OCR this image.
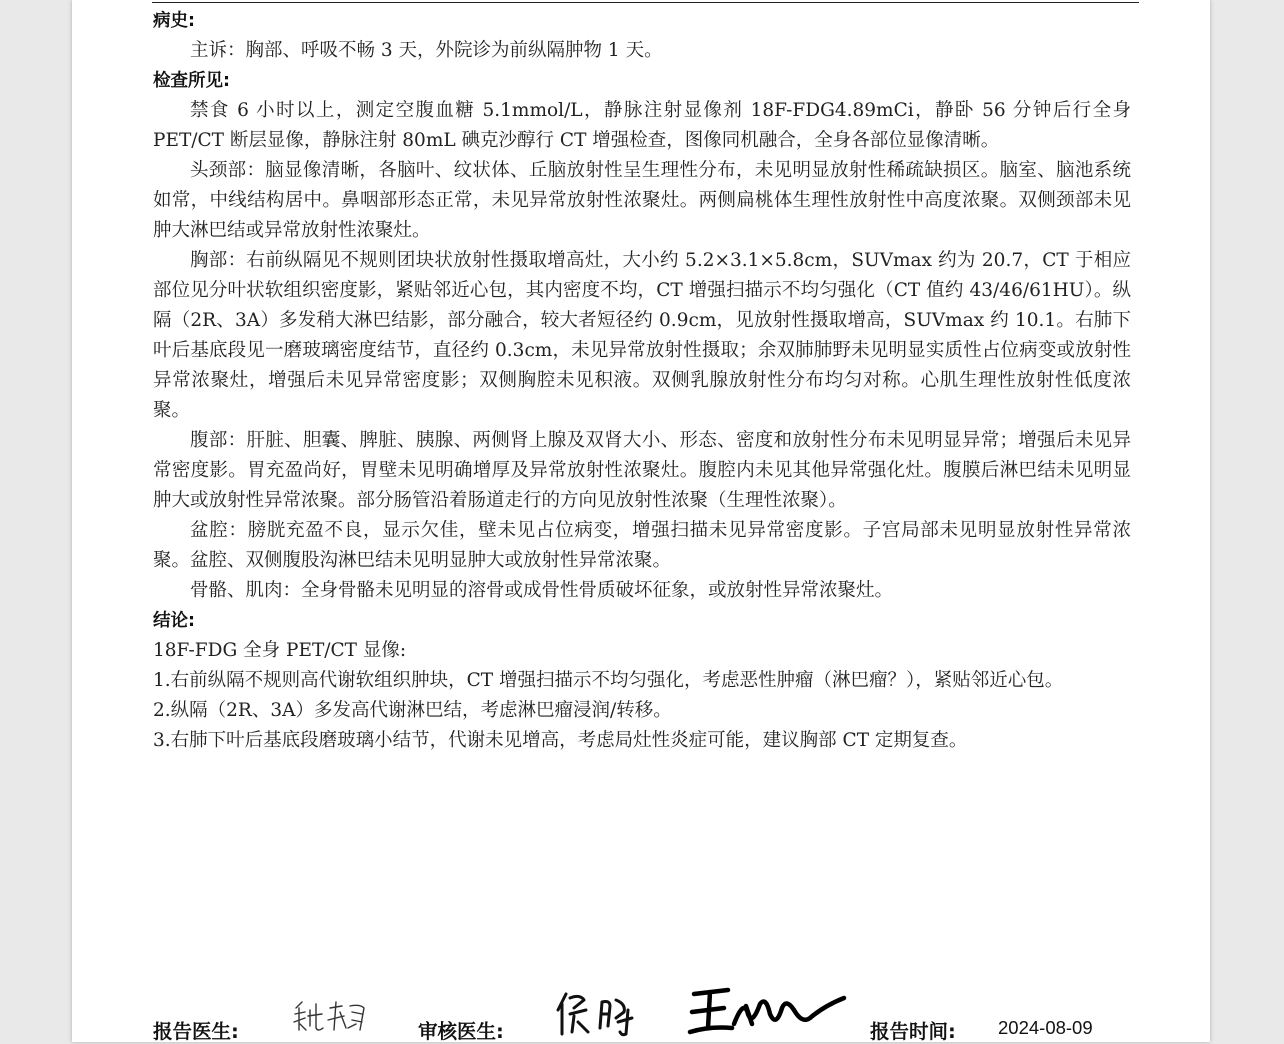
病史:
主诉：胸部、呼吸不畅 3 天，外院诊为前纵隔肿物 1 天。
检查所见:
禁食 6 小时以上，测定空腹血糖 5.1mmol/L，静脉注射显像剂 18F-FDG4.89mCi，静卧 56 分钟后行全身 PET/CT 断层显像，静脉注射 80mL 碘克沙醇行 CT 增强检查，图像同机融合，全身各部位显像清晰。
头颈部：脑显像清晰，各脑叶、纹状体、丘脑放射性呈生理性分布，未见明显放射性稀疏缺损区。脑室、脑池系统如常，中线结构居中。鼻咽部形态正常，未见异常放射性浓聚灶。两侧扁桃体生理性放射性中高度浓聚。双侧颈部未见肿大淋巴结或异常放射性浓聚灶。
胸部：右前纵隔见不规则团块状放射性摄取增高灶，大小约 5.2×3.1×5.8cm，SUVmax 约为 20.7，CT 于相应部位见分叶状软组织密度影，紧贴邻近心包，其内密度不均，CT 增强扫描示不均匀强化（CT 值约 43/46/61HU）。纵隔（2R、3A）多发稍大淋巴结影，部分融合，较大者短径约 0.9cm，见放射性摄取增高，SUVmax 约 10.1。右肺下叶后基底段见一磨玻璃密度结节，直径约 0.3cm，未见异常放射性摄取；余双肺肺野未见明显实质性占位病变或放射性异常浓聚灶，增强后未见异常密度影；双侧胸腔未见积液。双侧乳腺放射性分布均匀对称。心肌生理性放射性低度浓聚。
腹部：肝脏、胆囊、脾脏、胰腺、两侧肾上腺及双肾大小、形态、密度和放射性分布未见明显异常；增强后未见异常密度影。胃充盈尚好，胃壁未见明确增厚及异常放射性浓聚灶。腹腔内未见其他异常强化灶。腹膜后淋巴结未见明显肿大或放射性异常浓聚。部分肠管沿着肠道走行的方向见放射性浓聚（生理性浓聚）。
盆腔：膀胱充盈不良，显示欠佳，壁未见占位病变，增强扫描未见异常密度影。子宫局部未见明显放射性异常浓聚。盆腔、双侧腹股沟淋巴结未见明显肿大或放射性异常浓聚。
骨骼、肌肉：全身骨骼未见明显的溶骨或成骨性骨质破坏征象，或放射性异常浓聚灶。
结论:
18F-FDG 全身 PET/CT 显像:
1.右前纵隔不规则高代谢软组织肿块，CT 增强扫描示不均匀强化，考虑恶性肿瘤（淋巴瘤？），紧贴邻近心包。
2.纵隔（2R、3A）多发高代谢淋巴结，考虑淋巴瘤浸润/转移。
3.右肺下叶后基底段磨玻璃小结节，代谢未见增高，考虑局灶性炎症可能，建议胸部 CT 定期复查。
报告医生:	审核医生:	报告时间: 2024-08-09
